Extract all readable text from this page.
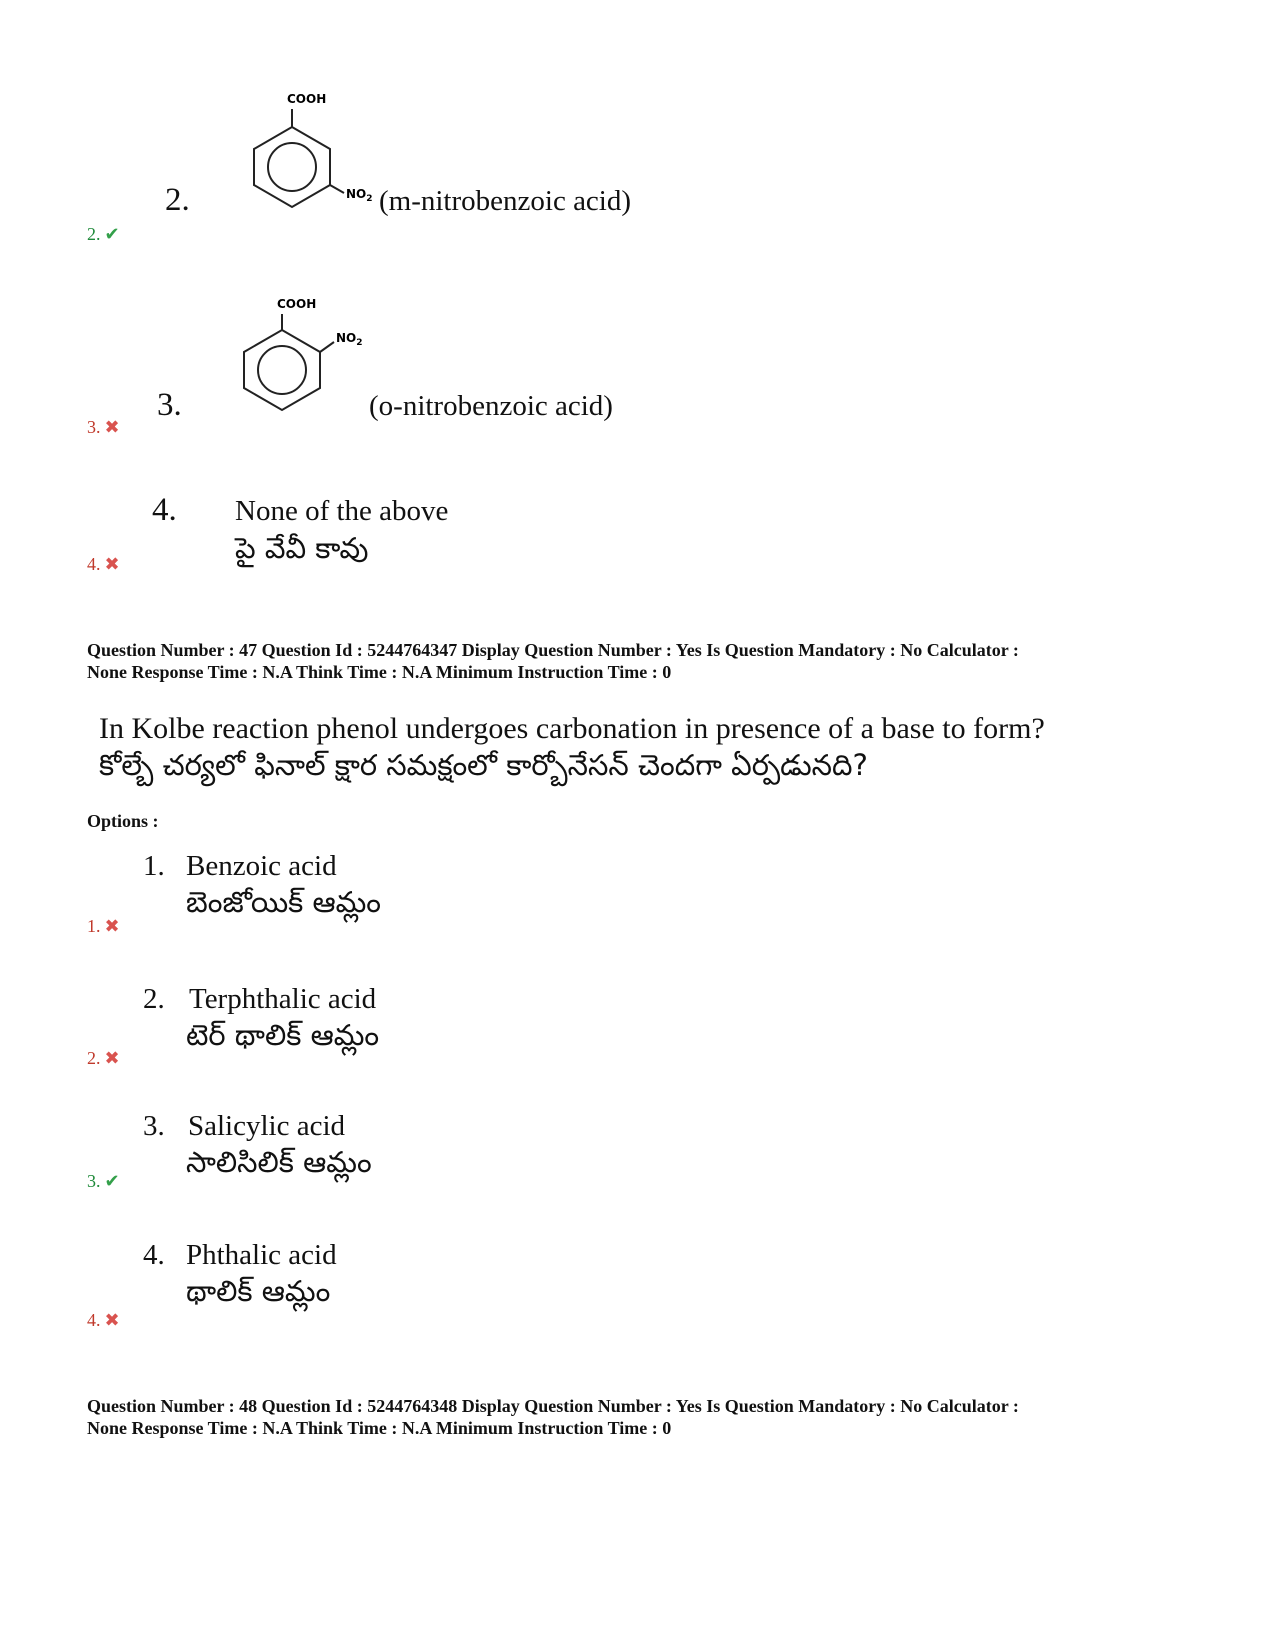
2.
COOH
$NO_2$ (m-nitrobenzoic acid)
2. ✔
3.
COOH
$NO_2$
(o-nitrobenzoic acid)
3. ✖
4. None of the above
పై వేవీ కావు
4. ✖
Question Number : 47 Question Id : 5244764347 Display Question Number : Yes Is Question Mandatory : No Calculator :
None Response Time : N.A Think Time : N.A Minimum Instruction Time : 0
In Kolbe reaction phenol undergoes carbonation in presence of a base to form?
కోల్బే చర్యలో ఫినాల్ క్షార సమక్షంలో కార్బోనేసన్ చెందగా ఏర్పడునది?
Options :
1. Benzoic acid
బెంజోయిక్ ఆమ్లం
1. ✖
2. Terphthalic acid
టెర్ థాలిక్ ఆమ్లం
2. ✖
3. Salicylic acid
సాలిసిలిక్ ఆమ్లం
3. ✔
4. Phthalic acid
థాలిక్ ఆమ్లం
4. ✖
Question Number : 48 Question Id : 5244764348 Display Question Number : Yes Is Question Mandatory : No Calculator :
None Response Time : N.A Think Time : N.A Minimum Instruction Time : 0
